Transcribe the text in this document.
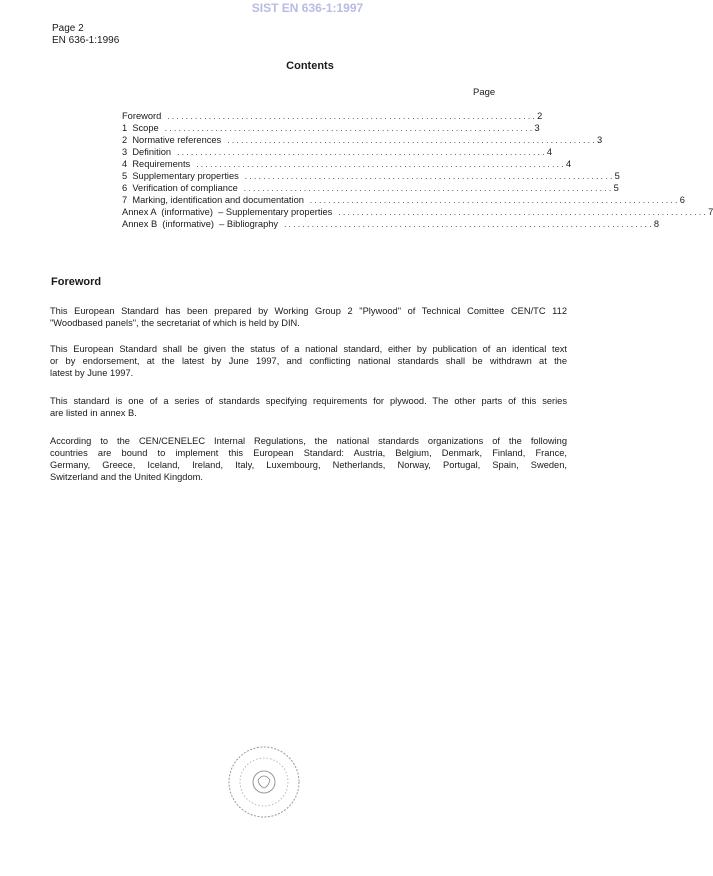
SIST EN 636-1:1997
Page 2
EN 636-1:1996
Contents
Page
Foreword ................................................................................ 2
1  Scope ................................................................................ 3
2  Normative references ................................................................................ 3
3  Definition ................................................................................ 4
4  Requirements ................................................................................ 4
5  Supplementary properties ................................................................................ 5
6  Verification of compliance ................................................................................ 5
7  Marking, identification and documentation ................................................................................ 6
Annex A  (informative)  – Supplementary properties ................................................................................ 7
Annex B  (informative)  – Bibliography ................................................................................ 8
Foreword
This European Standard has been prepared by Working Group 2 "Plywood" of Technical Comittee CEN/TC 112
"Woodbased panels", the secretariat of which is held by DIN.
This European Standard shall be given the status of a national standard, either by publication of an identical text
or by endorsement, at the latest by June 1997, and conflicting national standards shall be withdrawn at the
latest by June 1997.
This standard is one of a series of standards specifying requirements for plywood. The other parts of this series
are listed in annex B.
According to the CEN/CENELEC Internal Regulations, the national standards organizations of the following
countries are bound to implement this European Standard: Austria, Belgium, Denmark, Finland, France,
Germany, Greece, Iceland, Ireland, Italy, Luxembourg, Netherlands, Norway, Portugal, Spain, Sweden,
Switzerland and the United Kingdom.
